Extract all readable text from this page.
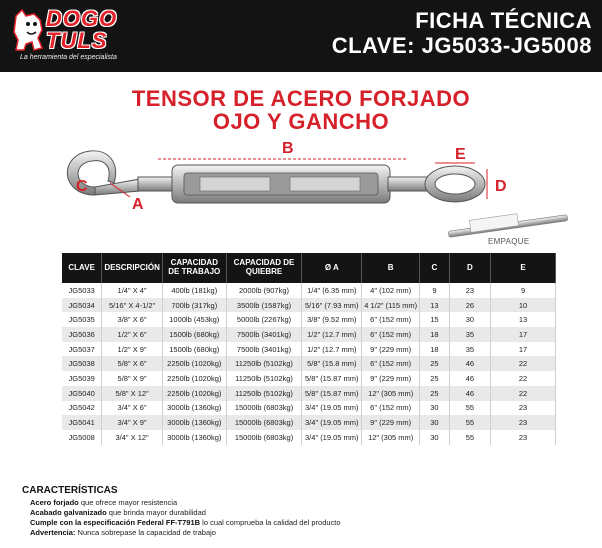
DOGO
TULS
La herramienta del especialista
FICHA TÉCNICA
CLAVE: JG5033-JG5008
TENSOR DE ACERO FORJADO
OJO Y GANCHO
B	E
D
C
A
EMPAQUE
CLAVE	DESCRIPCIÓN	CAPACIDAD DE TRABAJO	CAPACIDAD DE QUIEBRE	Ø A	B	C	D	E
JG5033	1/4" X 4"	400lb (181kg)	2000lb (907kg)	1/4" (6.35 mm)	4" (102 mm)	9	23	9
JG5034	5/16" X 4-1/2"	700lb (317kg)	3500lb (1587kg)	5/16" (7.93 mm)	4 1/2" (115 mm)	13	26	10
JG5035	3/8" X 6"	1000lb (453kg)	5000lb (2267kg)	3/8" (9.52 mm)	6" (152 mm)	15	30	13
JG5036	1/2" X 6"	1500lb (680kg)	7500lb (3401kg)	1/2" (12.7 mm)	6" (152 mm)	18	35	17
JG5037	1/2" X 9"	1500lb (680kg)	7500lb (3401kg)	1/2" (12.7 mm)	9" (229 mm)	18	35	17
JG5038	5/8" X 6"	2250lb (1020kg)	11250lb (5102kg)	5/8" (15.8 mm)	6" (152 mm)	25	46	22
JG5039	5/8" X 9"	2250lb (1020kg)	11250lb (5102kg)	5/8" (15.87 mm)	9" (229 mm)	25	46	22
JG5040	5/8" X 12"	2250lb (1020kg)	11250lb (5102kg)	5/8" (15.87 mm)	12" (305 mm)	25	46	22
JG5042	3/4" X 6"	3000lb (1360kg)	15000lb (6803kg)	3/4" (19.05 mm)	6" (152 mm)	30	55	23
JG5041	3/4" X 9"	3000lb (1360kg)	15000lb (6803kg)	3/4" (19.05 mm)	9" (229 mm)	30	55	23
JG5008	3/4" X 12"	3000lb (1360kg)	15000lb (6803kg)	3/4" (19.05 mm)	12" (305 mm)	30	55	23
CARACTERÍSTICAS
Acero forjado que ofrece mayor resistencia
Acabado galvanizado que brinda mayor durabilidad
Cumple con la especificación Federal FF-T791B lo cual comprueba la calidad del producto
Advertencia: Nunca sobrepase la capacidad de trabajo
